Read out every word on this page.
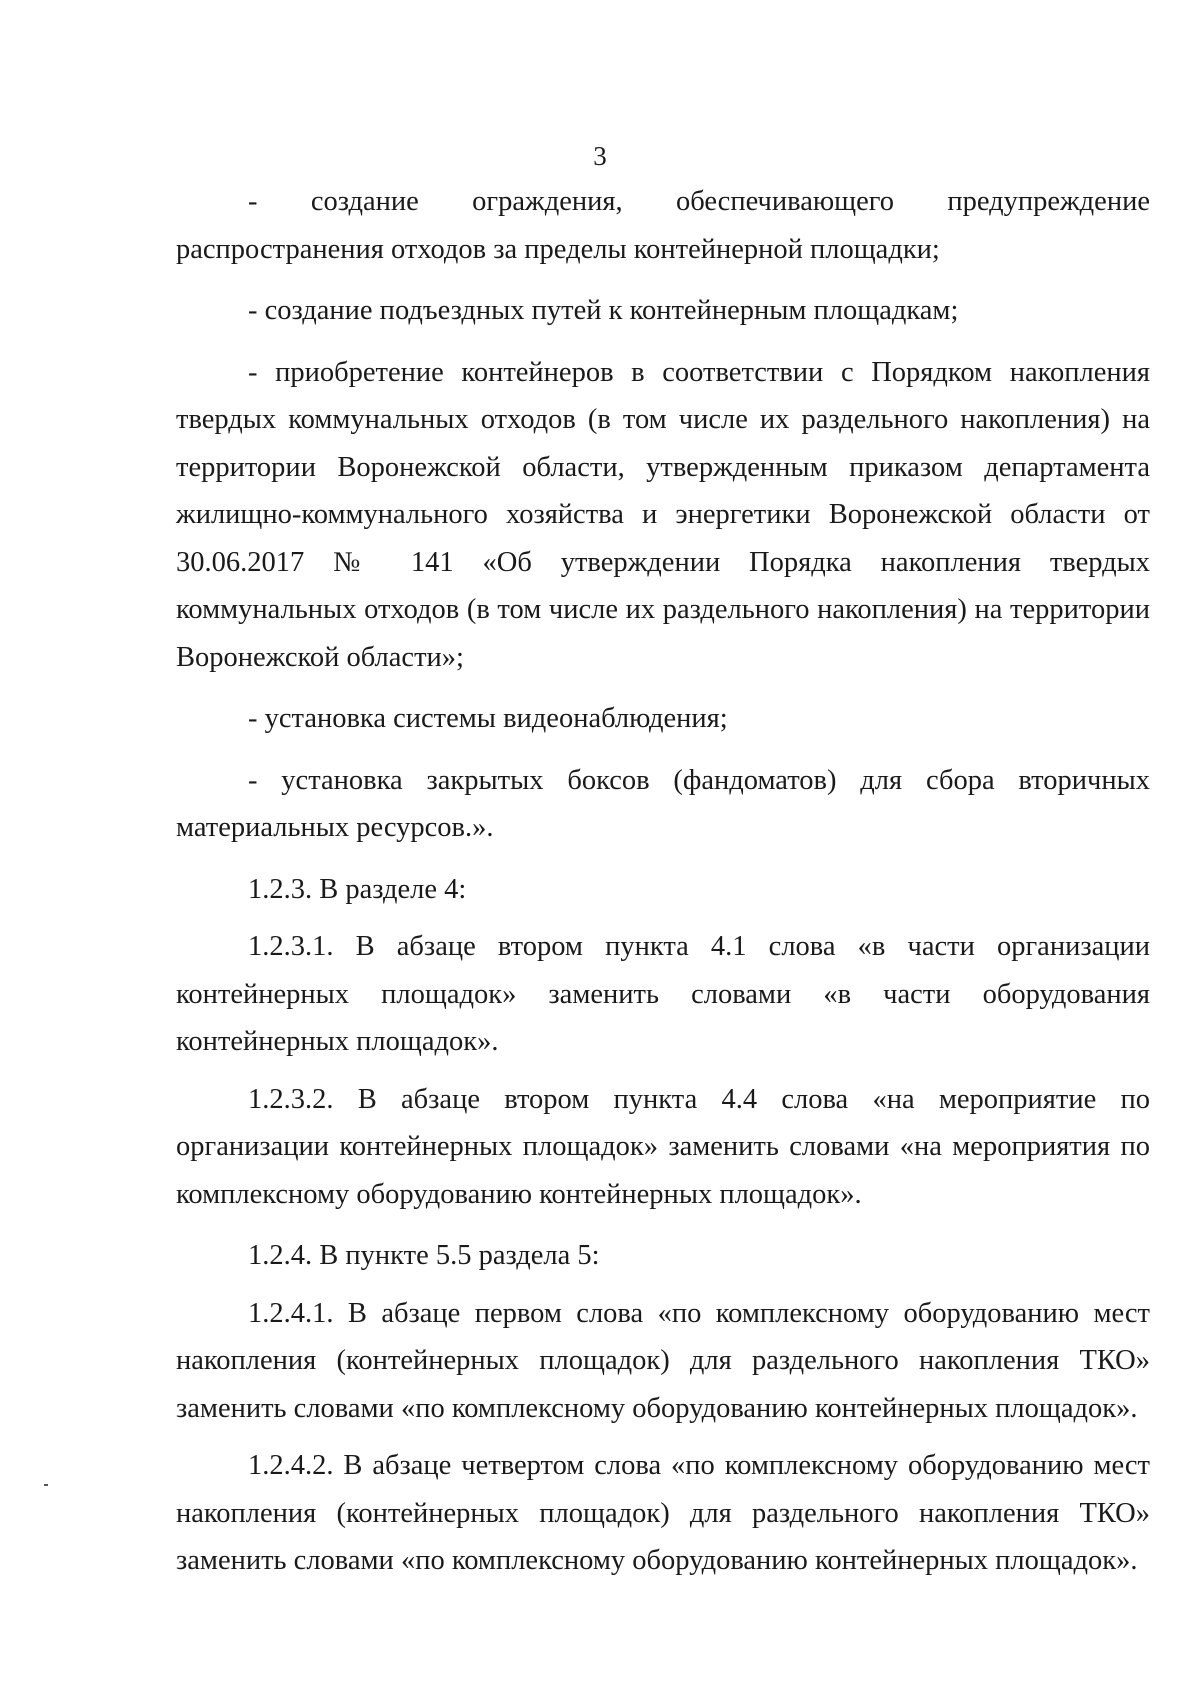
3

- создание ограждения, обеспечивающего предупреждение распространения отходов за пределы контейнерной площадки;

- создание подъездных путей к контейнерным площадкам;

- приобретение контейнеров в соответствии с Порядком накопления твердых коммунальных отходов (в том числе их раздельного накопления) на территории Воронежской области, утвержденным приказом департамента жилищно-коммунального хозяйства и энергетики Воронежской области от 30.06.2017 № 141 «Об утверждении Порядка накопления твердых коммунальных отходов (в том числе их раздельного накопления) на территории Воронежской области»;

- установка системы видеонаблюдения;

- установка закрытых боксов (фандоматов) для сбора вторичных материальных ресурсов.».

1.2.3. В разделе 4:

1.2.3.1. В абзаце втором пункта 4.1 слова «в части организации контейнерных площадок» заменить словами «в части оборудования контейнерных площадок».

1.2.3.2. В абзаце втором пункта 4.4 слова «на мероприятие по организации контейнерных площадок» заменить словами «на мероприятия по комплексному оборудованию контейнерных площадок».

1.2.4. В пункте 5.5 раздела 5:

1.2.4.1. В абзаце первом слова «по комплексному оборудованию мест накопления (контейнерных площадок) для раздельного накопления ТКО» заменить словами «по комплексному оборудованию контейнерных площадок».

1.2.4.2. В абзаце четвертом слова «по комплексному оборудованию мест накопления (контейнерных площадок) для раздельного накопления ТКО» заменить словами «по комплексному оборудованию контейнерных площадок».
